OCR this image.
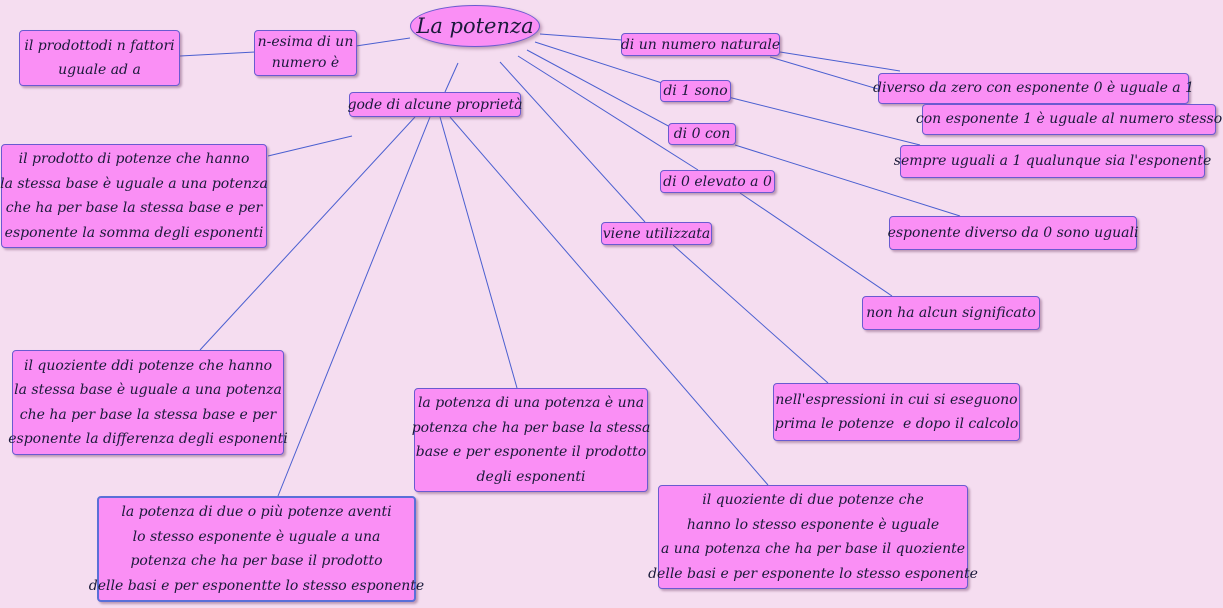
La potenza
il prodottodi n fattori
uguale ad a
n-esima di un
numero è
gode di alcune proprietà
di un numero naturale
diverso da zero con esponente 0 è uguale a 1
con esponente 1 è uguale al numero stesso
di 1 sono
sempre uguali a 1 qualunque sia l'esponente
di 0 con
esponente diverso da 0 sono uguali
di 0 elevato a 0
non ha alcun significato
viene utilizzata
nell'espressioni in cui si eseguono
prima le potenze  e dopo il calcolo
il prodotto di potenze che hanno
la stessa base è uguale a una potenza
che ha per base la stessa base e per
esponente la somma degli esponenti
il quoziente ddi potenze che hanno
la stessa base è uguale a una potenza
che ha per base la stessa base e per
esponente la differenza degli esponenti
la potenza di una potenza è una
potenza che ha per base la stessa
base e per esponente il prodotto
degli esponenti
la potenza di due o più potenze aventi
lo stesso esponente è uguale a una
potenza che ha per base il prodotto
delle basi e per esponentte lo stesso esponente
il quoziente di due potenze che
hanno lo stesso esponente è uguale
a una potenza che ha per base il quoziente
delle basi e per esponente lo stesso esponente
